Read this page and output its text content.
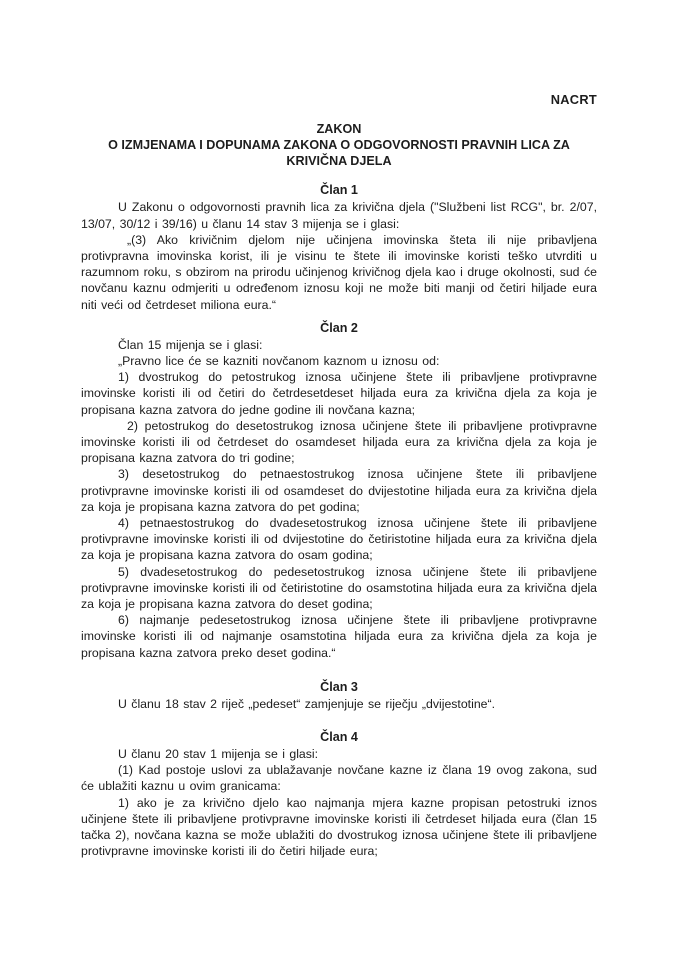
NACRT
ZAKON
O IZMJENAMA I DOPUNAMA ZAKONA O ODGOVORNOSTI PRAVNIH LICA ZA
KRIVIČNA DJELA
Član 1

U Zakonu o odgovornosti pravnih lica za krivična djela ("Službeni list RCG", br. 2/07, 13/07, 30/12 i 39/16) u članu 14 stav 3 mijenja se i glasi:

„(3) Ako krivičnim djelom nije učinjena imovinska šteta ili nije pribavljena protivpravna imovinska korist, ili je visinu te štete ili imovinske koristi teško utvrditi u razumnom roku, s obzirom na prirodu učinjenog krivičnog djela kao i druge okolnosti, sud će novčanu kaznu odmjeriti u određenom iznosu koji ne može biti manji od četiri hiljade eura niti veći od četrdeset miliona eura.“

Član 2

Član 15 mijenja se i glasi:

„Pravno lice će se kazniti novčanom kaznom u iznosu od:

1) dvostrukog do petostrukog iznosa učinjene štete ili pribavljene protivpravne imovinske koristi ili od četiri do četrdesetdeset hiljada eura za krivična djela za koja je propisana kazna zatvora do jedne godine ili novčana kazna;

2) petostrukog do desetostrukog iznosa učinjene štete ili pribavljene protivpravne imovinske koristi ili od četrdeset do osamdeset hiljada eura za krivična djela za koja je propisana kazna zatvora do tri godine;

3) desetostrukog do petnaestostrukog iznosa učinjene štete ili pribavljene protivpravne imovinske koristi ili od osamdeset do dvijestotine hiljada eura za krivična djela za koja je propisana kazna zatvora do pet godina;

4) petnaestostrukog do dvadesetostrukog iznosa učinjene štete ili pribavljene protivpravne imovinske koristi ili od dvijestotine do četiristotine hiljada eura za krivična djela za koja je propisana kazna zatvora do osam godina;

5) dvadesetostrukog do pedesetostrukog iznosa učinjene štete ili pribavljene protivpravne imovinske koristi ili od četiristotine do osamstotina hiljada eura za krivična djela za koja je propisana kazna zatvora do deset godina;

6) najmanje pedesetostrukog iznosa učinjene štete ili pribavljene protivpravne imovinske koristi ili od najmanje osamstotina hiljada eura za krivična djela za koja je propisana kazna zatvora preko deset godina.“

Član 3

U članu 18 stav 2 riječ „pedeset“ zamjenjuje se riječju „dvijestotine“.

Član 4

U članu 20 stav 1 mijenja se i glasi:

(1) Kad postoje uslovi za ublažavanje novčane kazne iz člana 19 ovog zakona, sud će ublažiti kaznu u ovim granicama:

1) ako je za krivično djelo kao najmanja mjera kazne propisan petostruki iznos učinjene štete ili pribavljene protivpravne imovinske koristi ili četrdeset hiljada eura (član 15 tačka 2), novčana kazna se može ublažiti do dvostrukog iznosa učinjene štete ili pribavljene protivpravne imovinske koristi ili do četiri hiljade eura;
